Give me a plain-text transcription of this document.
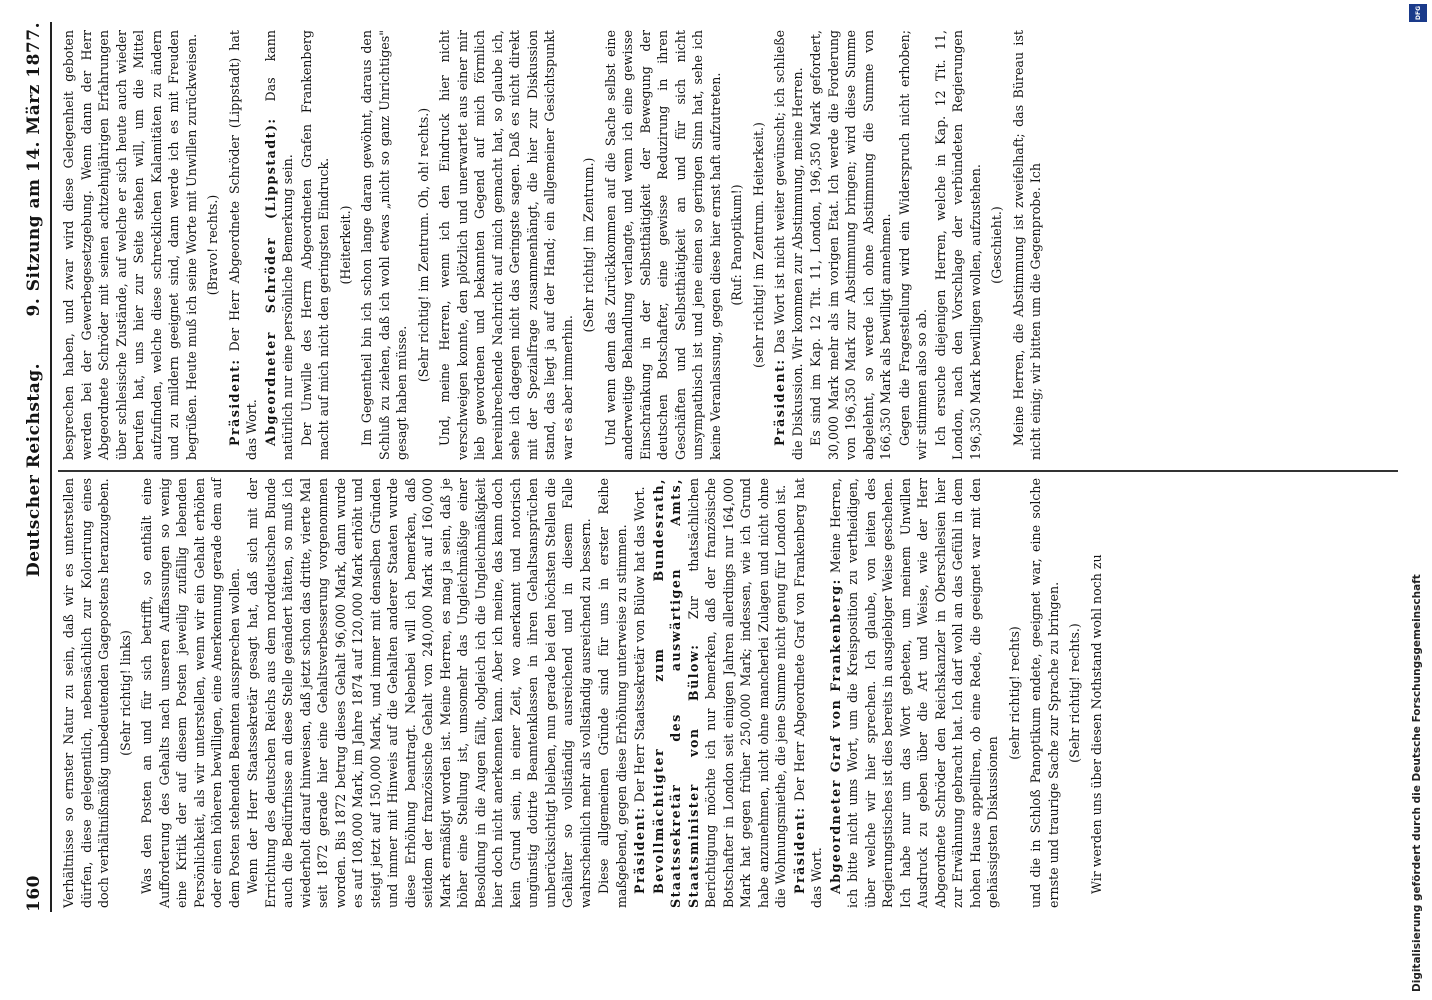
160
Deutscher Reichstag.
9. Sitzung am 14. März 1877.

Verhältnisse so ernster Natur zu sein, daß wir es unterstellen dürfen, diese gelegentlich, nebensächlich zur Kolorirung eines doch verhältnißmäßig unbedeutenden Gagepostens heranzugeben. (Sehr richtig! links) Was den Posten an und für sich betrifft, so enthält eine Aufforderung des Gehalts nach unseren Auffassungen so wenig eine Kritik der auf diesem Posten jeweilig zufällig lebenden Persönlichkeit, als wir unterstellen, wenn wir ein Gehalt erhöhen oder einen höheren bewilligen, eine Anerkennung gerade dem auf dem Posten stehenden Beamten aussprechen wollen. Wenn der Herr Staatssekretär gesagt hat, daß sich mit der Errichtung des deutschen Reichs aus dem norddeutschen Bunde auch die Bedürfnisse an diese Stelle geändert hätten, so muß ich wiederholt darauf hinweisen, daß jetzt schon das dritte, vierte Mal seit 1872 gerade hier eine Gehaltsverbesserung vorgenommen worden. Bis 1872 betrug dieses Gehalt 96,000 Mark, dann wurde es auf 108,000 Mark, im Jahre 1874 auf 120,000 Mark erhöht und steigt jetzt auf 150,000 Mark, und immer mit denselben Gründen und immer mit Hinweis auf die Gehalten anderer Staaten wurde diese Erhöhung beantragt. Nebenbei will ich bemerken, daß seitdem der französische Gehalt von 240,000 Mark auf 160,000 Mark ermäßigt worden ist. Meine Herren, es mag ja sein, daß je höher eine Stellung ist, umsomehr das Ungleichmäßige einer Besoldung in die Augen fällt, obgleich ich die Ungleichmäßigkeit hier doch nicht anerkennen kann. Aber ich meine, das kann doch kein Grund sein, in einer Zeit, wo anerkannt und notorisch ungünstig dotirte Beamtenklassen in ihren Gehaltsansprüchen unberücksichtigt bleiben, nun gerade bei den höchsten Stellen die Gehälter so vollständig ausreichend und in diesem Falle wahrscheinlich mehr als vollständig ausreichend zu bessern. Diese allgemeinen Gründe sind für uns in erster Reihe maßgebend, gegen diese Erhöhung unterweise zu stimmen. Präsident: Der Herr Staatssekretär von Bülow hat das Wort. Bevollmächtigter zum Bundesrath, Staatssekretär des auswärtigen Amts, Staatsminister von Bülow: Zur thatsächlichen Berichtigung möchte ich nur bemerken, daß der französische Botschafter in London seit einigen Jahren allerdings nur 164,000 Mark hat gegen früher 250,000 Mark; indessen, wie ich Grund habe anzunehmen, nicht ohne mancherlei Zulagen und nicht ohne die Wohnungsmiethe, die jene Summe nicht genug für London ist. Präsident: Der Herr Abgeordnete Graf von Frankenberg hat das Wort. Abgeordneter Graf von Frankenberg: Meine Herren, ich bitte nicht ums Wort, um die Kreisposition zu vertheidigen, über welche wir hier sprechen. Ich glaube, von leiten des Regierungstisches ist dies bereits in ausgiebiger Weise geschehen. Ich habe nur um das Wort gebeten, um meinem Unwillen Ausdruck zu geben über die Art und Weise, wie der Herr Abgeordnete Schröder den Reichskanzler in Oberschlesien hier zur Erwähnung gebracht hat. Ich darf wohl an das Gefühl in dem hohen Hause appelliren, ob eine Rede, die geeignet war mit den gehässigsten Diskussionen

(sehr richtig! rechts) und die in Schloß Panoptikum endete, geeignet war, eine solche ernste und traurige Sache zur Sprache zu bringen. (Sehr richtig! rechts.) Wir werden uns über diesen Nothstand wohl noch zu

besprechen haben, und zwar wird diese Gelegenheit geboten werden bei der Gewerbegesetzgebung. Wenn dann der Herr Abgeordnete Schröder mit seinen achtzehnjährigen Erfahrungen über schlesische Zustände, auf welche er sich heute auch wieder berufen hat, uns hier zur Seite stehen will, um die Mittel aufzufinden, welche diese schrecklichen Kalamitäten zu ändern und zu mildern geeignet sind, dann werde ich es mit Freuden begrüßen. Heute muß ich seine Worte mit Unwillen zurückweisen. (Bravo! rechts.)

Präsident: Der Herr Abgeordnete Schröder (Lippstadt) hat das Wort. Abgeordneter Schröder (Lippstadt): Das kann natürlich nur eine persönliche Bemerkung sein. Der Unwille des Herrn Abgeordneten Grafen Frankenberg macht auf mich nicht den geringsten Eindruck. (Heiterkeit.) Im Gegentheil bin ich schon lange daran gewöhnt, daraus den Schluß zu ziehen, daß ich wohl etwas „nicht so ganz Unrichtiges" gesagt haben müsse.

(Sehr richtig! im Zentrum. Oh, oh! rechts.) Und, meine Herren, wenn ich den Eindruck hier nicht verschweigen konnte, den plötzlich und unerwartet aus einer mir lieb gewordenen und bekannten Gegend auf mich förmlich hereinbrechende Nachricht auf mich gemacht hat, so glaube ich, sehe ich dagegen nicht das Geringste sagen. Daß es nicht direkt mit der Spezialfrage zusammenhängt, die hier zur Diskussion stand, das liegt ja auf der Hand; ein allgemeiner Gesichtspunkt war es aber immerhin.

(Sehr richtig! im Zentrum.) Und wenn denn das Zurückkommen auf die Sache selbst eine anderweitige Behandlung verlangte, und wenn ich eine gewisse Einschränkung in der Selbstthätigkeit der Bewegung der deutschen Botschafter, eine gewisse Reduzirung in ihren Geschäften und Selbstthätigkeit an und für sich nicht unsympathisch ist und jene einen so geringen Sinn hat, sehe ich keine Veranlassung, gegen diese hier ernst haft aufzutreten. (Ruf: Panoptikum!) (sehr richtig! im Zentrum. Heiterkeit.)

Präsident: Das Wort ist nicht weiter gewünscht; ich schließe die Diskussion. Wir kommen zur Abstimmung, meine Herren. Es sind im Kap. 12 Tit. 11, London, 196,350 Mark gefordert, 30,000 Mark mehr als im vorigen Etat. Ich werde die Forderung von 196,350 Mark zur Abstimmung bringen; wird diese Summe abgelehnt, so werde ich ohne Abstimmung die Summe von 166,350 Mark als bewilligt annehmen. Gegen die Fragestellung wird ein Widerspruch nicht erhoben; wir stimmen also so ab. Ich ersuche diejenigen Herren, welche in Kap. 12 Tit. 11, London, nach den Vorschlage der verbündeten Regierungen 196,350 Mark bewilligen wollen, aufzustehen. (Geschieht.) Meine Herren, die Abstimmung ist zweifelhaft; das Büreau ist nicht einig; wir bitten um die Gegenprobe. Ich

Digitalisierung gefördert durch die Deutsche Forschungsgemeinschaft
DFG
